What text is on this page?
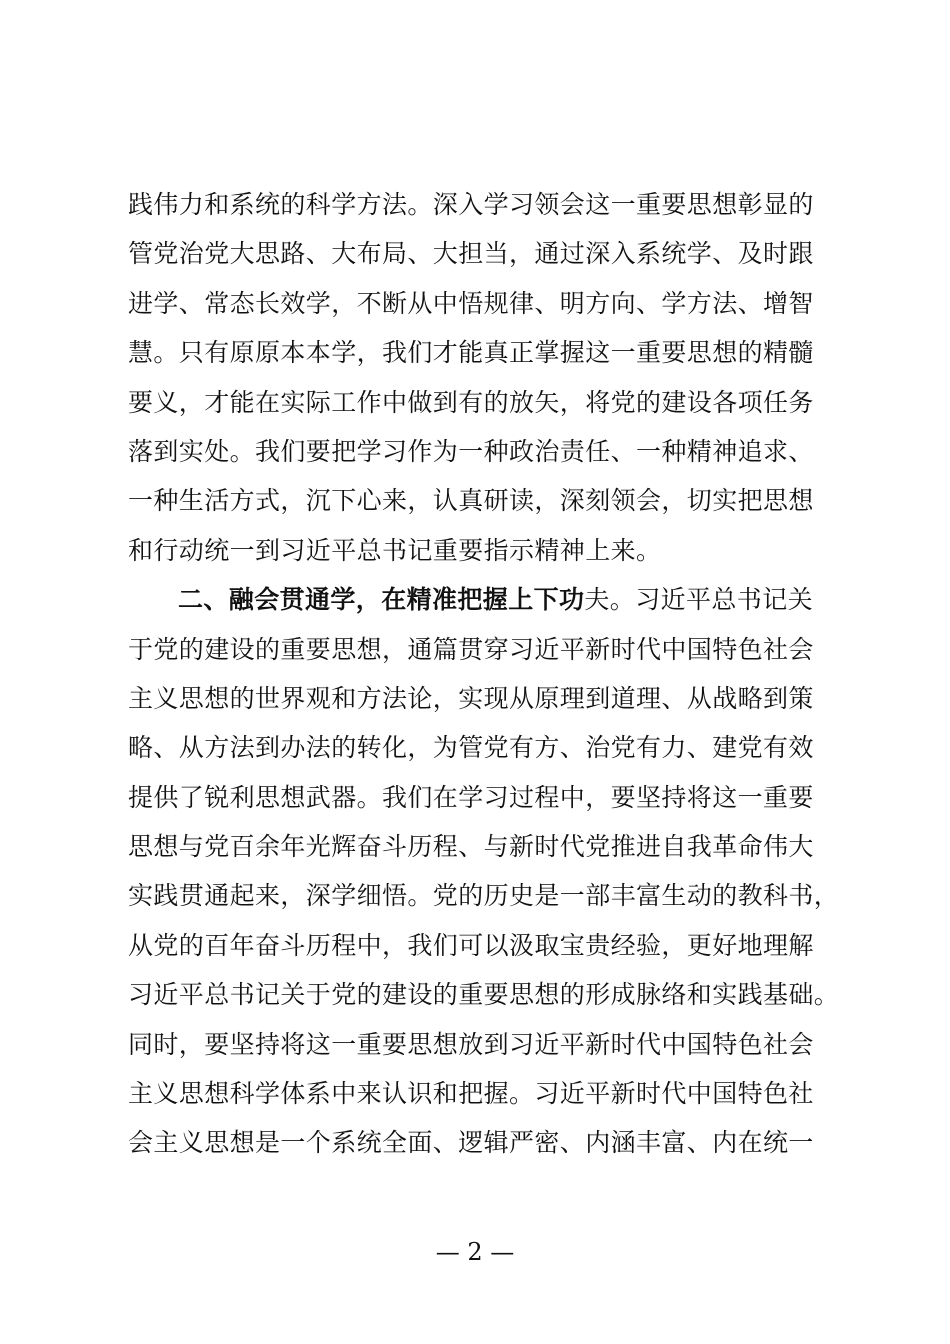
践伟力和系统的科学方法。深入学习领会这一重要思想彰显的
管党治党大思路、大布局、大担当，通过深入系统学、及时跟
进学、常态长效学，不断从中悟规律、明方向、学方法、增智
慧。只有原原本本学，我们才能真正掌握这一重要思想的精髓
要义，才能在实际工作中做到有的放矢，将党的建设各项任务
落到实处。我们要把学习作为一种政治责任、一种精神追求、
一种生活方式，沉下心来，认真研读，深刻领会，切实把思想
和行动统一到习近平总书记重要指示精神上来。
二、融会贯通学，在精准把握上下功夫。习近平总书记关
于党的建设的重要思想，通篇贯穿习近平新时代中国特色社会
主义思想的世界观和方法论，实现从原理到道理、从战略到策
略、从方法到办法的转化，为管党有方、治党有力、建党有效
提供了锐利思想武器。我们在学习过程中，要坚持将这一重要
思想与党百余年光辉奋斗历程、与新时代党推进自我革命伟大
实践贯通起来，深学细悟。党的历史是一部丰富生动的教科书，
从党的百年奋斗历程中，我们可以汲取宝贵经验，更好地理解
习近平总书记关于党的建设的重要思想的形成脉络和实践基础。
同时，要坚持将这一重要思想放到习近平新时代中国特色社会
主义思想科学体系中来认识和把握。习近平新时代中国特色社
会主义思想是一个系统全面、逻辑严密、内涵丰富、内在统一
— 2 —
